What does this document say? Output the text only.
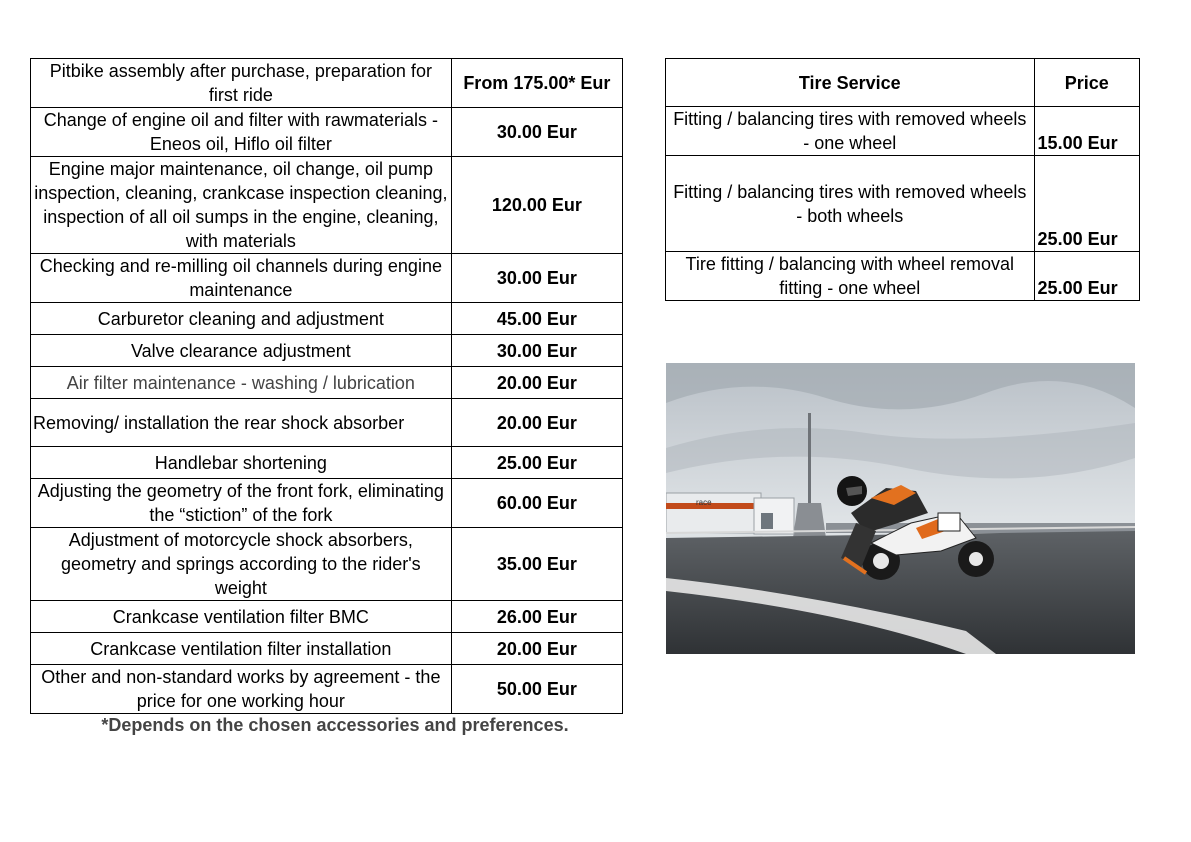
Pitbike assembly after purchase, preparation for first ride	From 175.00* Eur
Change of engine oil and filter with rawmaterials - Eneos oil, Hiflo oil filter	30.00 Eur
Engine major maintenance, oil change, oil pump inspection, cleaning, crankcase inspection cleaning, inspection of all oil sumps in the engine, cleaning, with materials	120.00 Eur
Checking and re-milling oil channels during engine maintenance	30.00 Eur
Carburetor cleaning and adjustment	45.00 Eur
Valve clearance adjustment	30.00 Eur
Air filter maintenance - washing / lubrication	20.00 Eur
Removing/ installation the rear shock absorber	20.00 Eur
Handlebar shortening	25.00 Eur
Adjusting the geometry of the front fork, eliminating the “stiction” of the fork	60.00 Eur
Adjustment of motorcycle shock absorbers, geometry and springs according to the rider's weight	35.00 Eur
Crankcase ventilation filter BMC	26.00 Eur
Crankcase ventilation filter installation	20.00 Eur
Other and non-standard works by agreement - the price for one working hour	50.00 Eur
*Depends on the chosen accessories and preferences.
Tire Service	Price
Fitting / balancing tires with removed wheels - one wheel	15.00 Eur
Fitting / balancing tires with removed wheels - both wheels	25.00 Eur
Tire fitting / balancing with wheel removal fitting - one wheel	25.00 Eur
race
